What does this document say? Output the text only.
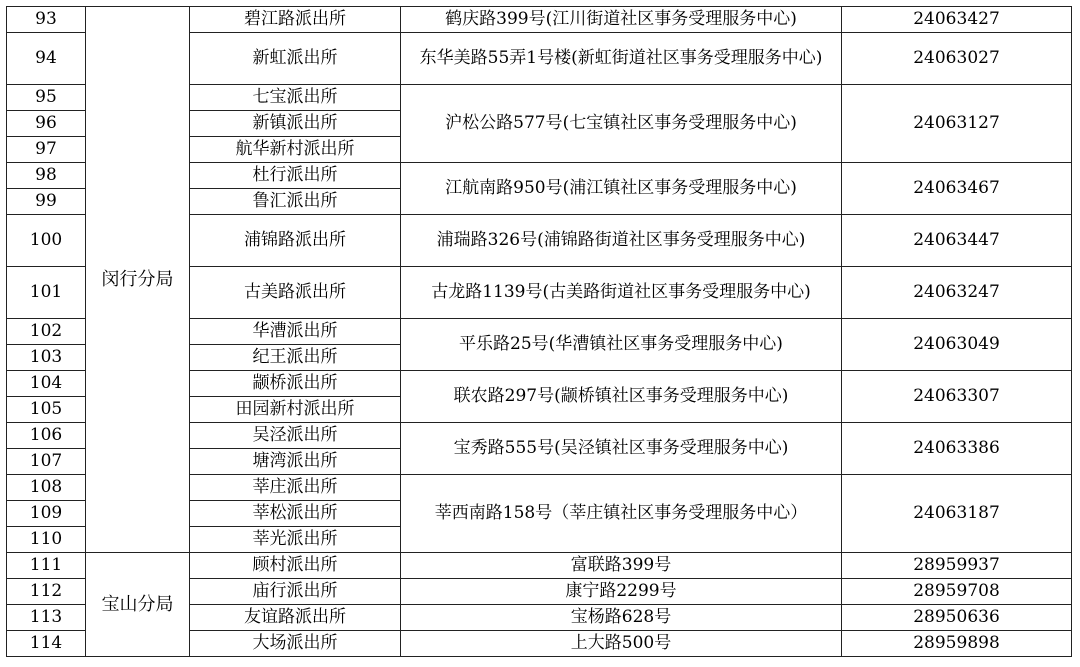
93	闵行分局	碧江路派出所	鹤庆路399号(江川街道社区事务受理服务中心)	24063427
94		新虹派出所	东华美路55弄1号楼(新虹街道社区事务受理服务中心)	24063027
95		七宝派出所	沪松公路577号(七宝镇社区事务受理服务中心)	24063127
96		新镇派出所		
97		航华新村派出所		
98		杜行派出所	江航南路950号(浦江镇社区事务受理服务中心)	24063467
99		鲁汇派出所		
100		浦锦路派出所	浦瑞路326号(浦锦路街道社区事务受理服务中心)	24063447
101		古美路派出所	古龙路1139号(古美路街道社区事务受理服务中心)	24063247
102		华漕派出所	平乐路25号(华漕镇社区事务受理服务中心)	24063049
103		纪王派出所		
104		颛桥派出所	联农路297号(颛桥镇社区事务受理服务中心)	24063307
105		田园新村派出所		
106		吴泾派出所	宝秀路555号(吴泾镇社区事务受理服务中心)	24063386
107		塘湾派出所		
108		莘庄派出所	莘西南路158号（莘庄镇社区事务受理服务中心）	24063187
109		莘松派出所		
110		莘光派出所		
111	宝山分局	顾村派出所	富联路399号	28959937
112		庙行派出所	康宁路2299号	28959708
113		友谊路派出所	宝杨路628号	28950636
114		大场派出所	上大路500号	28959898
